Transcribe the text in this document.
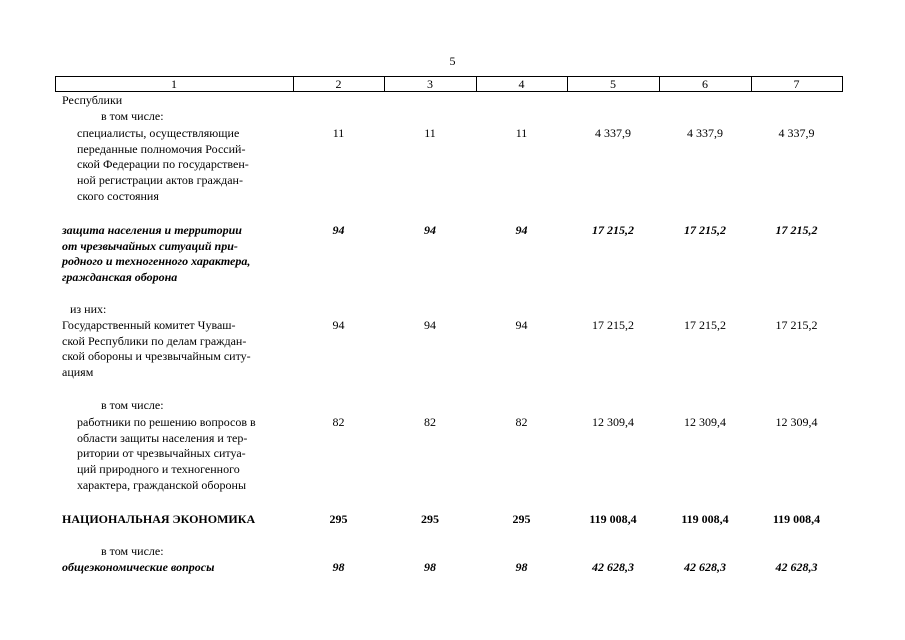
5
1	2	3	4	5	6	7
Республики
в том числе:
специалисты, осуществляющие
переданные полномочия Россий-
ской Федерации по государствен-
ной регистрации актов граждан-
ского состояния
11	11	11	4 337,9	4 337,9	4 337,9
защита населения и территории
от чрезвычайных ситуаций при-
родного и техногенного характера,
гражданская оборона
94	94	94	17 215,2	17 215,2	17 215,2
из них:
Государственный комитет Чуваш-
ской Республики по делам граждан-
ской обороны и чрезвычайным ситу-
ациям
94	94	94	17 215,2	17 215,2	17 215,2
в том числе:
работники по решению вопросов в
области защиты населения и тер-
ритории от чрезвычайных ситуа-
ций природного и техногенного
характера, гражданской обороны
82	82	82	12 309,4	12 309,4	12 309,4
НАЦИОНАЛЬНАЯ ЭКОНОМИКА	295	295	295	119 008,4	119 008,4	119 008,4
в том числе:
общеэкономические вопросы	98	98	98	42 628,3	42 628,3	42 628,3
